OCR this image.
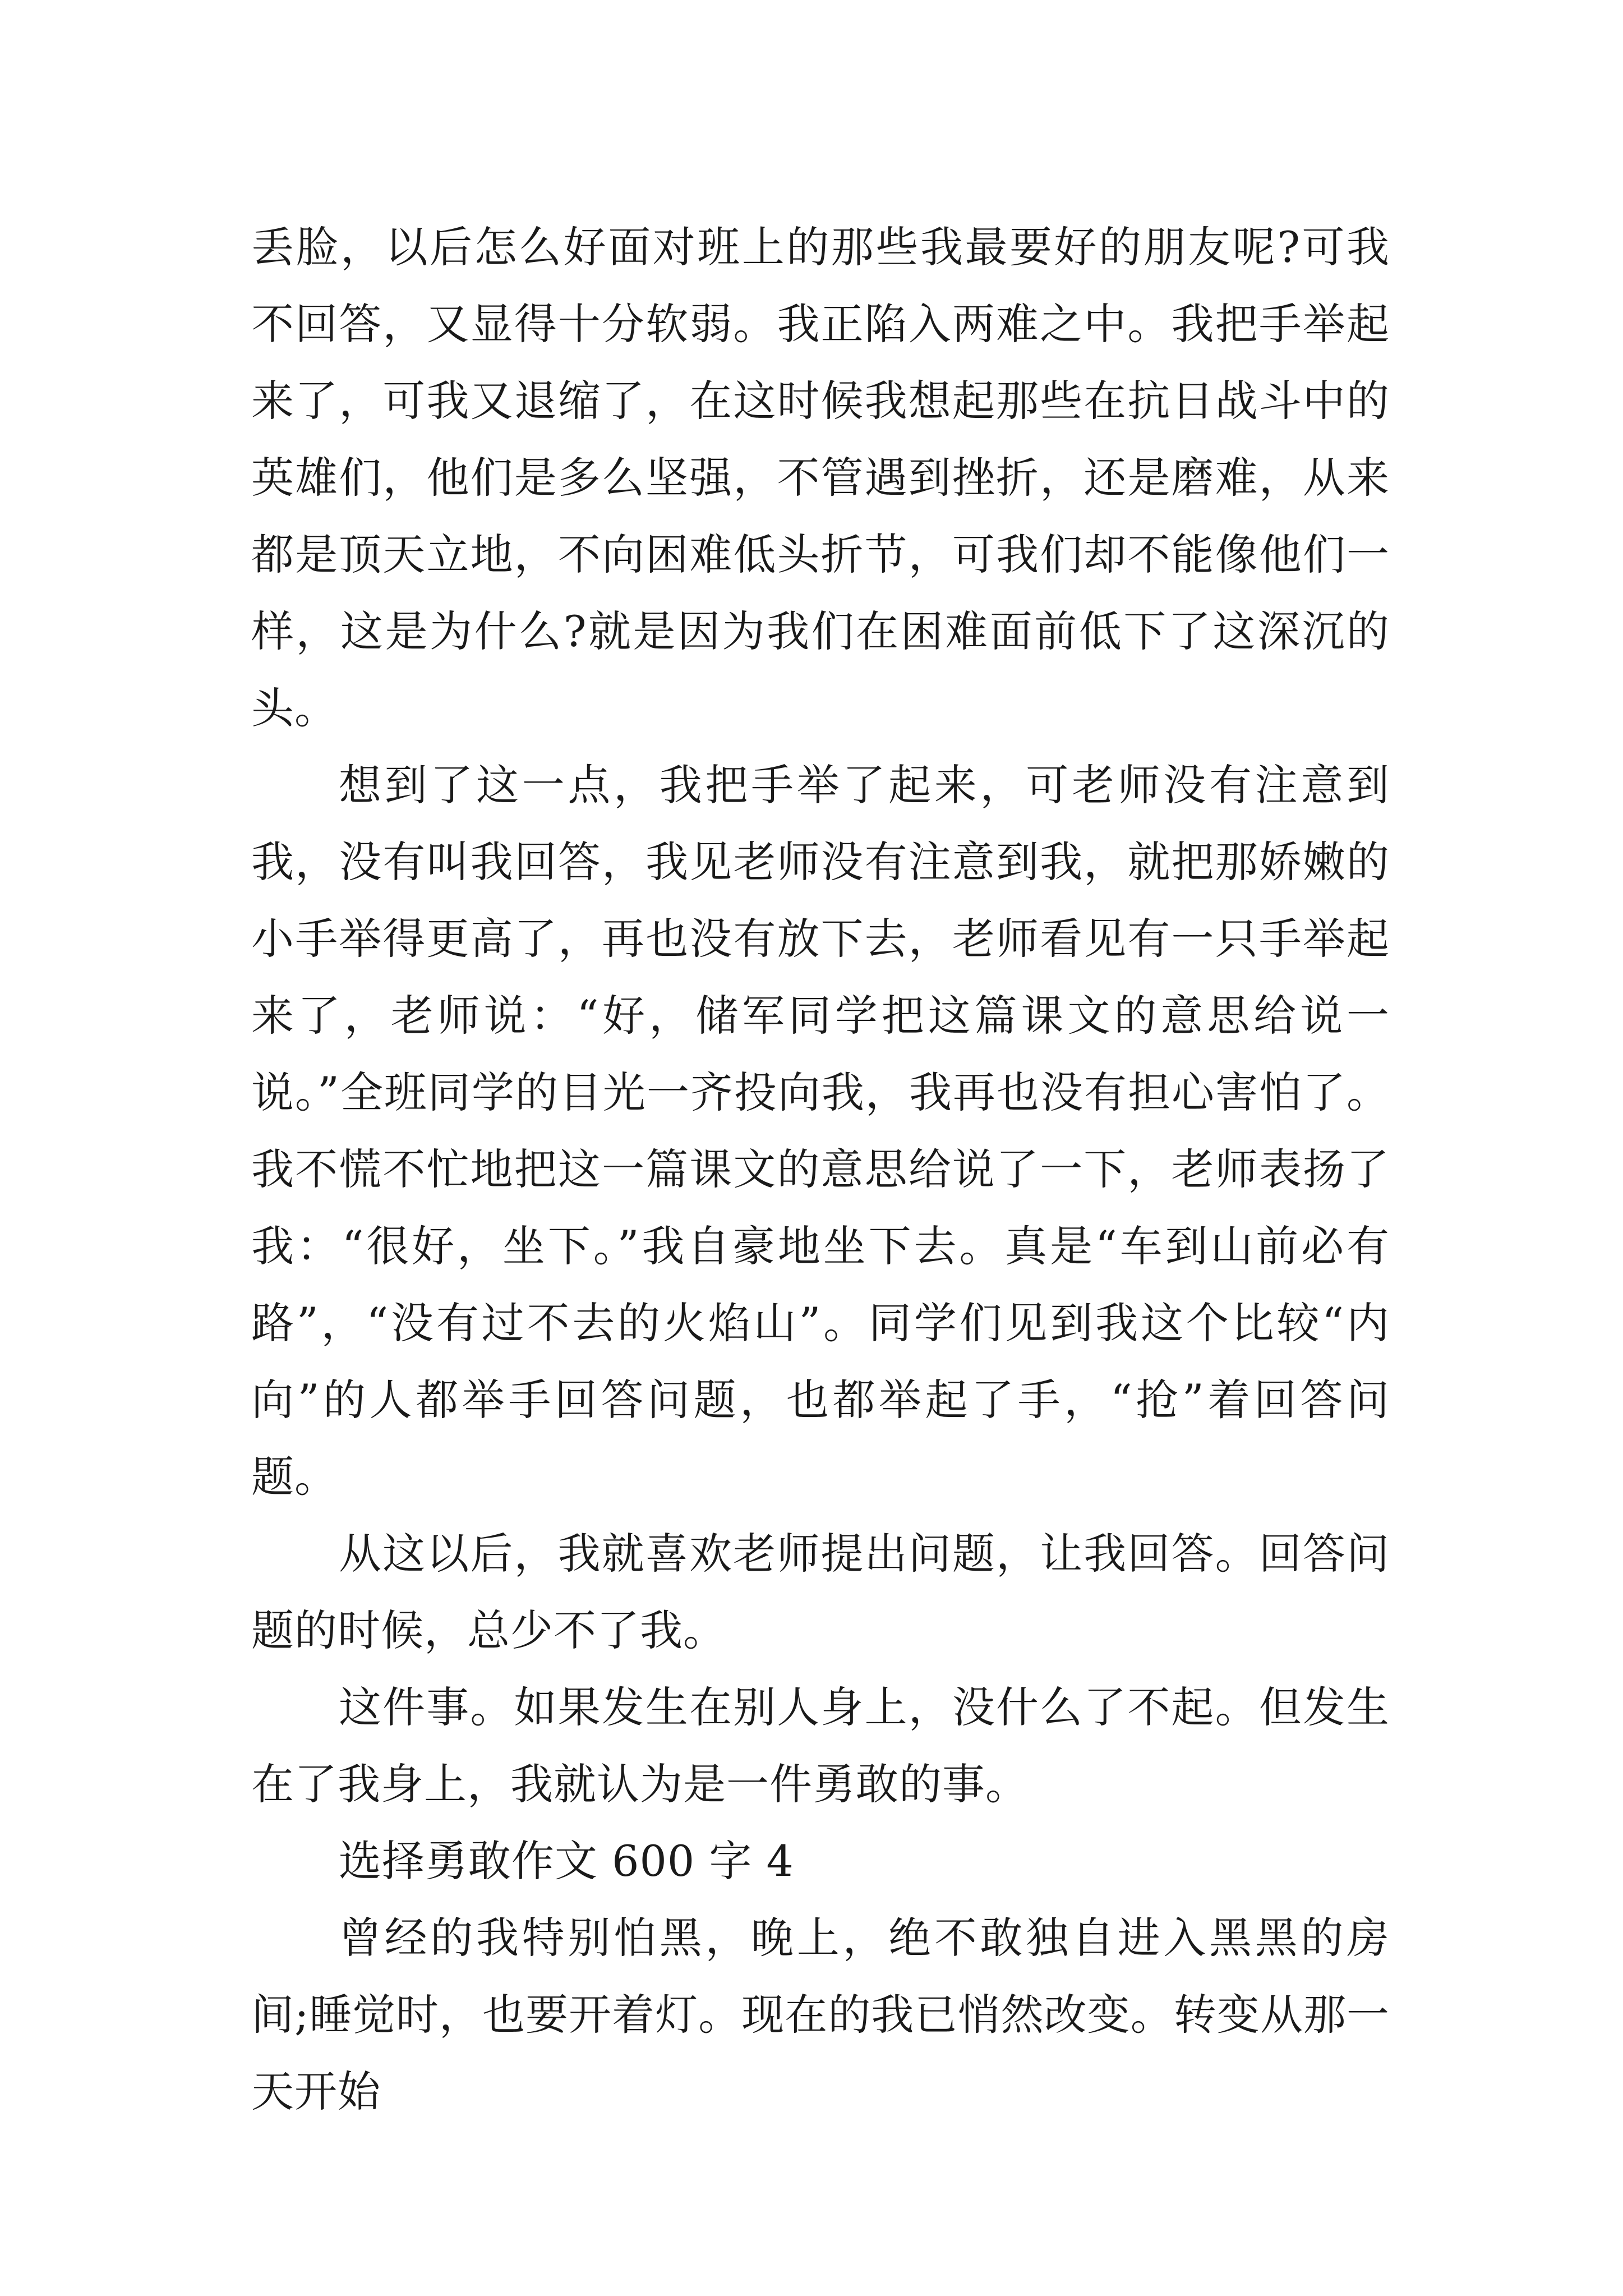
丢脸，以后怎么好面对班上的那些我最要好的朋友呢?可我不回答，又显得十分软弱。我正陷入两难之中。我把手举起来了，可我又退缩了，在这时候我想起那些在抗日战斗中的英雄们，他们是多么坚强，不管遇到挫折，还是磨难，从来都是顶天立地，不向困难低头折节，可我们却不能像他们一样，这是为什么?就是因为我们在困难面前低下了这深沉的头。

想到了这一点，我把手举了起来，可老师没有注意到我，没有叫我回答，我见老师没有注意到我，就把那娇嫩的小手举得更高了，再也没有放下去，老师看见有一只手举起来了，老师说：“好，储军同学把这篇课文的意思给说一说。”全班同学的目光一齐投向我，我再也没有担心害怕了。我不慌不忙地把这一篇课文的意思给说了一下，老师表扬了我：“很好，坐下。”我自豪地坐下去。真是“车到山前必有路”，“没有过不去的火焰山”。同学们见到我这个比较“内向”的人都举手回答问题，也都举起了手，“抢”着回答问题。

从这以后，我就喜欢老师提出问题，让我回答。回答问题的时候，总少不了我。

这件事。如果发生在别人身上，没什么了不起。但发生在了我身上，我就认为是一件勇敢的事。

选择勇敢作文 600 字 4

曾经的我特别怕黑，晚上，绝不敢独自进入黑黑的房间;睡觉时，也要开着灯。现在的我已悄然改变。转变从那一天开始
